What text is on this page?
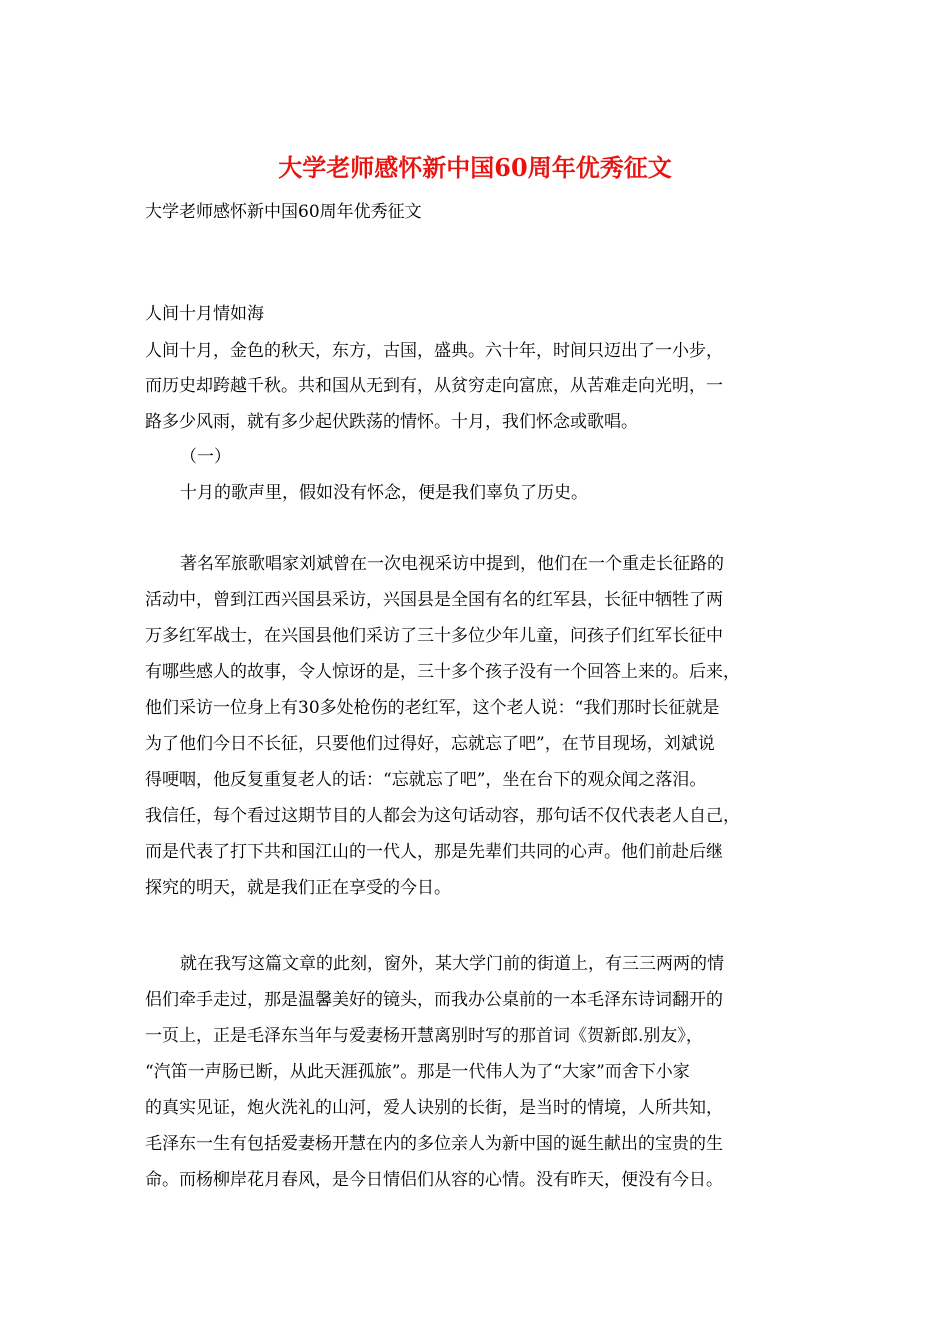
大学老师感怀新中国60周年优秀征文
大学老师感怀新中国60周年优秀征文
人间十月情如海
人间十月，金色的秋天，东方，古国，盛典。六十年，时间只迈出了一小步，
而历史却跨越千秋。共和国从无到有，从贫穷走向富庶，从苦难走向光明，一
路多少风雨，就有多少起伏跌荡的情怀。十月，我们怀念或歌唱。
（一）
十月的歌声里，假如没有怀念，便是我们辜负了历史。
著名军旅歌唱家刘斌曾在一次电视采访中提到，他们在一个重走长征路的
活动中，曾到江西兴国县采访，兴国县是全国有名的红军县，长征中牺牲了两
万多红军战士，在兴国县他们采访了三十多位少年儿童，问孩子们红军长征中
有哪些感人的故事，令人惊讶的是，三十多个孩子没有一个回答上来的。后来，
他们采访一位身上有30多处枪伤的老红军，这个老人说：“我们那时长征就是
为了他们今日不长征，只要他们过得好，忘就忘了吧”，在节目现场，刘斌说
得哽咽，他反复重复老人的话：“忘就忘了吧”，坐在台下的观众闻之落泪。
我信任，每个看过这期节目的人都会为这句话动容，那句话不仅代表老人自己，
而是代表了打下共和国江山的一代人，那是先辈们共同的心声。他们前赴后继
探究的明天，就是我们正在享受的今日。
就在我写这篇文章的此刻，窗外，某大学门前的街道上，有三三两两的情
侣们牵手走过，那是温馨美好的镜头，而我办公桌前的一本毛泽东诗词翻开的
一页上，正是毛泽东当年与爱妻杨开慧离别时写的那首词《贺新郎.别友》，
“汽笛一声肠已断，从此天涯孤旅”。那是一代伟人为了“大家”而舍下小家
的真实见证，炮火洗礼的山河，爱人诀别的长街，是当时的情境，人所共知，
毛泽东一生有包括爱妻杨开慧在内的多位亲人为新中国的诞生献出的宝贵的生
命。而杨柳岸花月春风，是今日情侣们从容的心情。没有昨天，便没有今日。
